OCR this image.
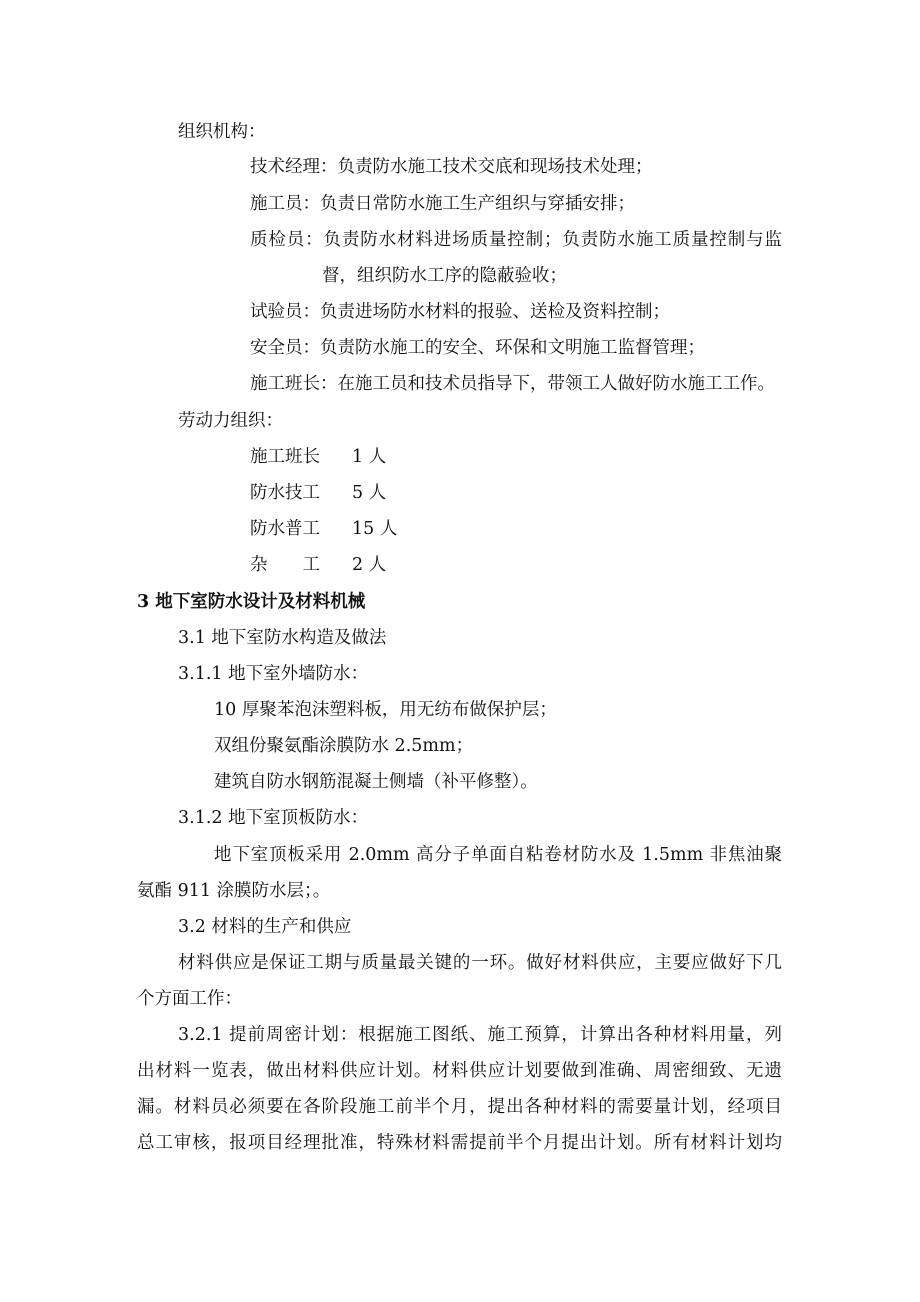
组织机构：
技术经理：负责防水施工技术交底和现场技术处理；
施工员：负责日常防水施工生产组织与穿插安排；
质检员：负责防水材料进场质量控制；负责防水施工质量控制与监
督，组织防水工序的隐蔽验收；
试验员：负责进场防水材料的报验、送检及资料控制；
安全员：负责防水施工的安全、环保和文明施工监督管理；
施工班长：在施工员和技术员指导下，带领工人做好防水施工工作。
劳动力组织：
施工班长 1 人
防水技工 5 人
防水普工 15 人
杂　　工 2 人
3 地下室防水设计及材料机械
3.1 地下室防水构造及做法
3.1.1 地下室外墙防水：
10 厚聚苯泡沫塑料板，用无纺布做保护层；
双组份聚氨酯涂膜防水 2.5mm；
建筑自防水钢筋混凝土侧墙（补平修整）。
3.1.2 地下室顶板防水：
地下室顶板采用 2.0mm 高分子单面自粘卷材防水及 1.5mm 非焦油聚
氨酯 911 涂膜防水层；。
3.2 材料的生产和供应
材料供应是保证工期与质量最关键的一环。做好材料供应，主要应做好下几
个方面工作：
3.2.1 提前周密计划：根据施工图纸、施工预算，计算出各种材料用量，列
出材料一览表，做出材料供应计划。材料供应计划要做到准确、周密细致、无遗
漏。材料员必须要在各阶段施工前半个月，提出各种材料的需要量计划，经项目
总工审核，报项目经理批准，特殊材料需提前半个月提出计划。所有材料计划均
